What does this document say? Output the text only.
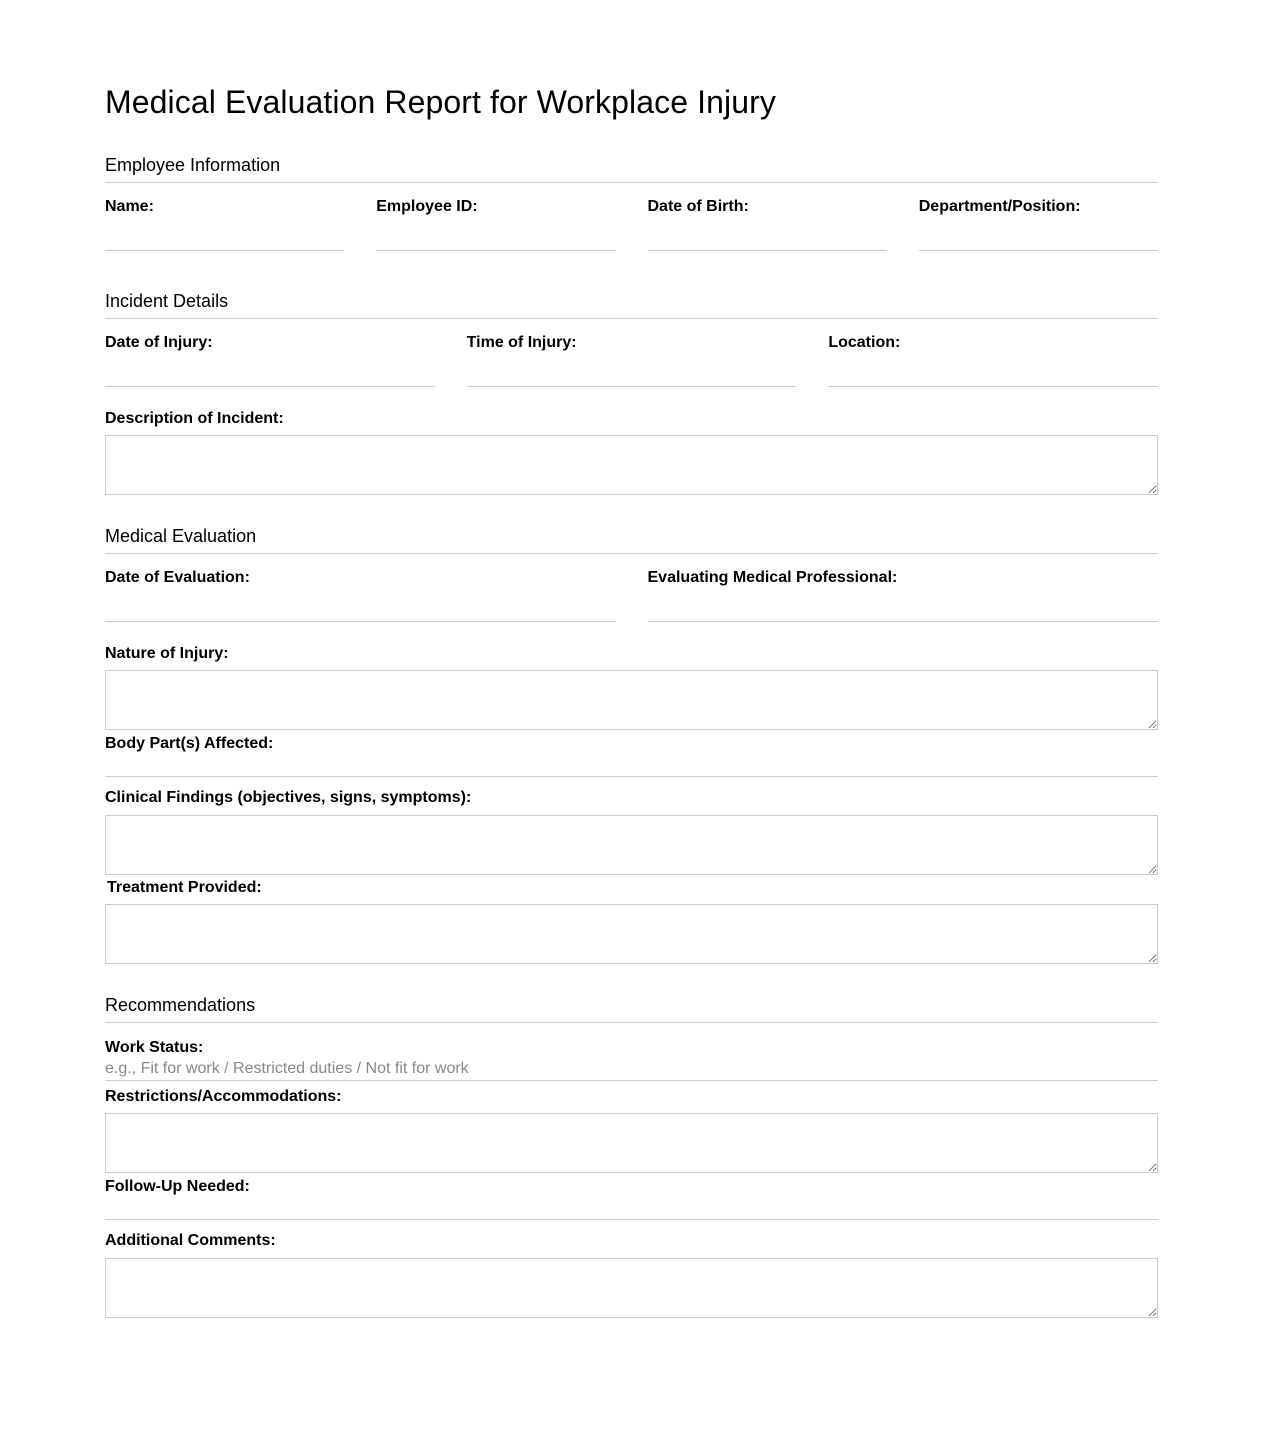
Medical Evaluation Report for Workplace Injury
Employee Information
Name:	Employee ID:	Date of Birth:	Department/Position:
Incident Details
Date of Injury:	Time of Injury:	Location:
Description of Incident:
Medical Evaluation
Date of Evaluation:	Evaluating Medical Professional:
Nature of Injury:
Body Part(s) Affected:
Clinical Findings (objectives, signs, symptoms):
Treatment Provided:
Recommendations
Work Status:
e.g., Fit for work / Restricted duties / Not fit for work
Restrictions/Accommodations:
Follow-Up Needed:
Additional Comments:
